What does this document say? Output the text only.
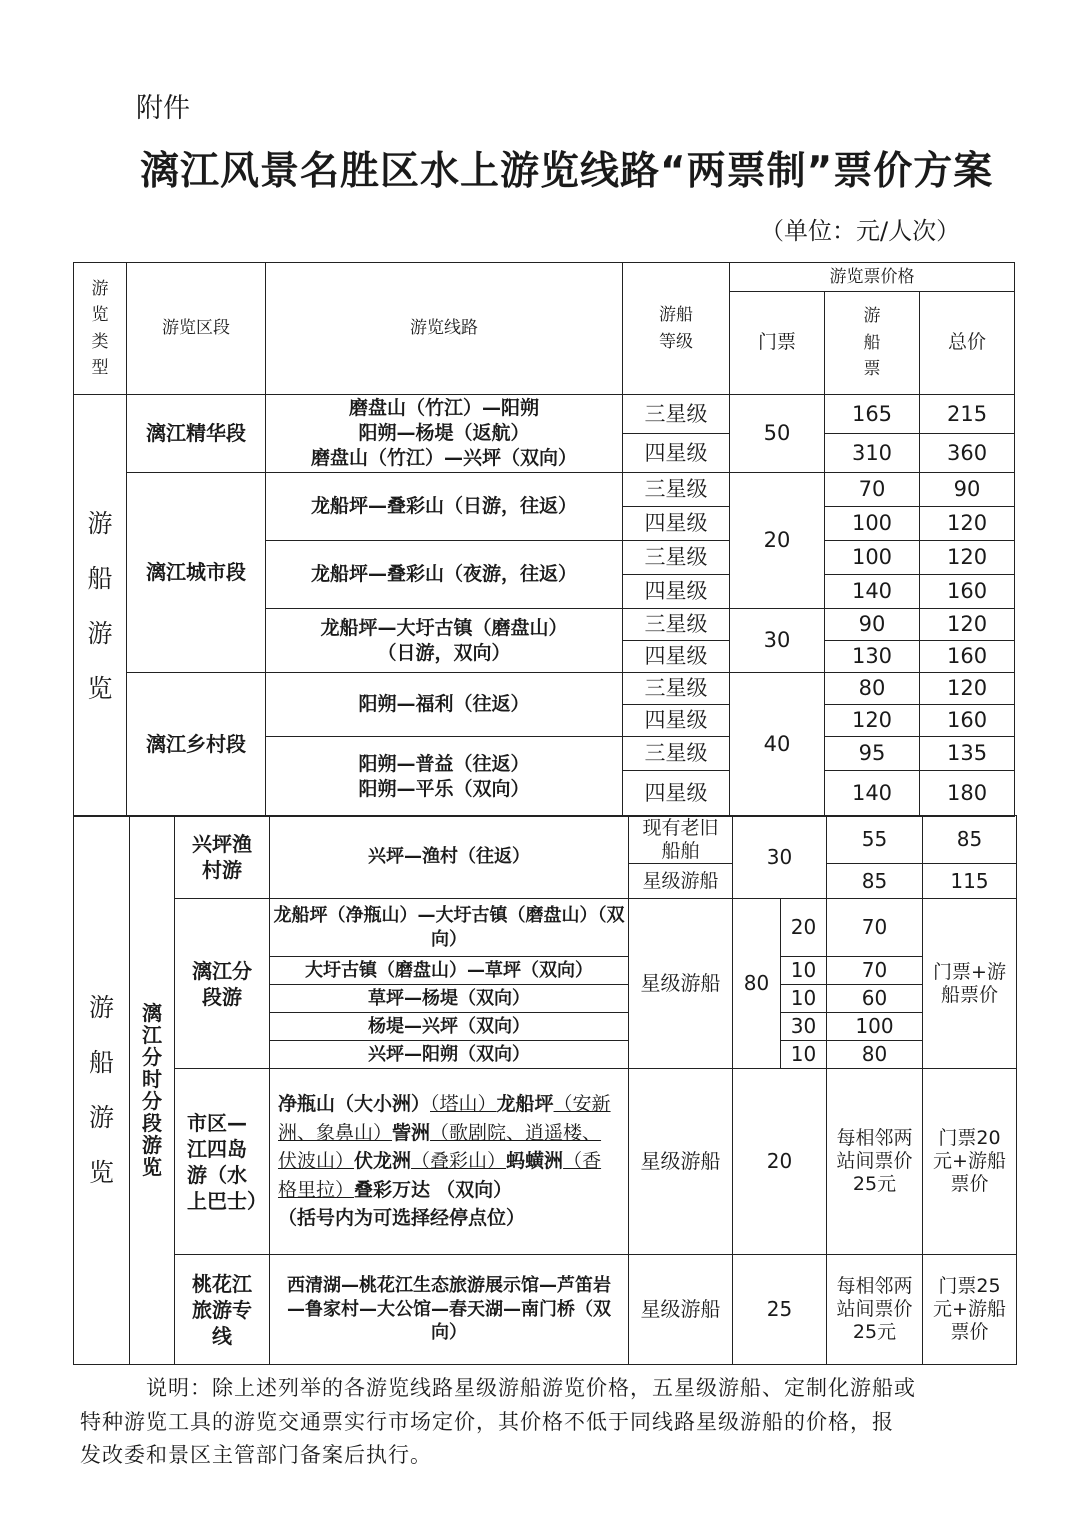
附件
漓江风景名胜区水上游览线路“两票制”票价方案
（单位：元/人次）
游览类型	游览区段	游览线路	游船等级	游览票价格		
				门票	游船票	总价
游船游览	漓江精华段	磨盘山（竹江）—阳朔
阳朔—杨堤（返航）
磨盘山（竹江）—兴坪（双向）	三星级	50	165	215
			四星级		310	360
	漓江城市段	龙船坪—叠彩山（日游，往返）	三星级	20	70	90
			四星级		100	120
		龙船坪—叠彩山（夜游，往返）	三星级		100	120
			四星级		140	160

		龙船坪—大圩古镇（磨盘山）
（日游，双向）	三星级	30	90	120
			四星级		130	160
	漓江乡村段	阳朔—福利（往返）	三星级	40	80	120
			四星级		120	160

		阳朔—普益（往返）
阳朔—平乐（双向）	三星级		95	135
			四星级		140	180
游船游览	漓江分时分段游览	兴坪渔村游	兴坪—渔村（往返）	现有老旧船舶	30		55	85
				星级游船			85	115
		漓江分段游	龙船坪（净瓶山）—大圩古镇（磨盘山）（双向）	星级游船	80	20	70	门票+游船票价
			大圩古镇（磨盘山）—草坪（双向）			10	70	
			草坪—杨堤（双向）			10	60	
			杨堤—兴坪（双向）			30	100	
			兴坪—阳朔（双向）			10	80	
		市区—江四岛游（水上巴士）	净瓶山（大小洲）（塔山）龙船坪（安新洲、象鼻山）訾洲（歌剧院、逍遥楼、伏波山）伏龙洲（叠彩山）蚂蟥洲（香格里拉）叠彩万达 （双向）
（括号内为可选择经停点位）	星级游船	20		每相邻两站间票价25元	门票20元+游船票价
		桃花江旅游专线	西清湖—桃花江生态旅游展示馆—芦笛岩—鲁家村—大公馆—春天湖—南门桥（双向）	星级游船	25		每相邻两站间票价25元	门票25元+游船票价
说明：除上述列举的各游览线路星级游船游览价格，五星级游船、定制化游船或
特种游览工具的游览交通票实行市场定价，其价格不低于同线路星级游船的价格，报
发改委和景区主管部门备案后执行。
